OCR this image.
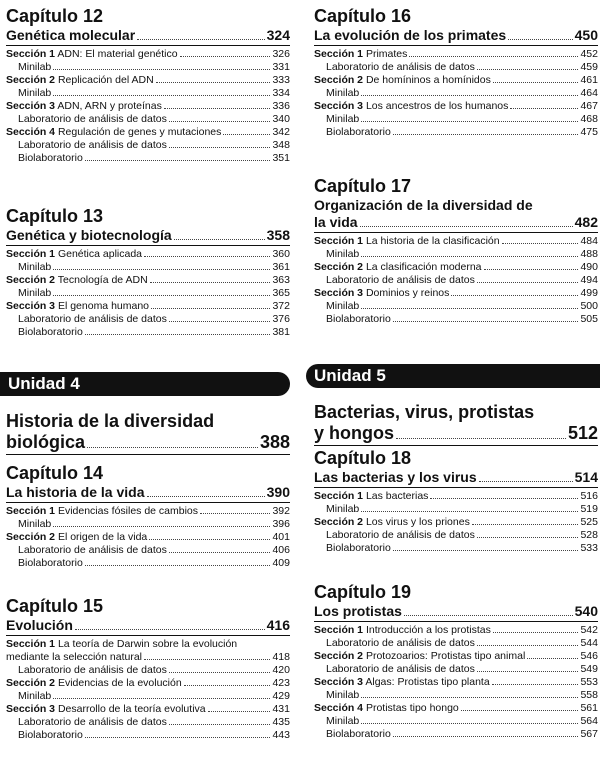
Capítulo 12
Genética molecular	324
Sección 1 ADN: El material genético	326
Minilab	331
Sección 2 Replicación del ADN	333
Minilab	334
Sección 3 ADN, ARN y proteínas	336
Laboratorio de análisis de datos	340
Sección 4 Regulación de genes y mutaciones	342
Laboratorio de análisis de datos	348
Biolaboratorio	351
Capítulo 13
Genética y biotecnología	358
Sección 1 Genética aplicada	360
Minilab	361
Sección 2 Tecnología de ADN	363
Minilab	365
Sección 3 El genoma humano	372
Laboratorio de análisis de datos	376
Biolaboratorio	381
Unidad 4
Historia de la diversidad
biológica	388
Capítulo 14
La historia de la vida	390
Sección 1 Evidencias fósiles de cambios	392
Minilab	396
Sección 2 El origen de la vida	401
Laboratorio de análisis de datos	406
Biolaboratorio	409
Capítulo 15
Evolución	416
Sección 1 La teoría de Darwin sobre la evolución
mediante la selección natural	418
Laboratorio de análisis de datos	420
Sección 2 Evidencias de la evolución	423
Minilab	429
Sección 3 Desarrollo de la teoría evolutiva	431
Laboratorio de análisis de datos	435
Biolaboratorio	443
Capítulo 16
La evolución de los primates	450
Sección 1 Primates	452
Laboratorio de análisis de datos	459
Sección 2 De homíninos a homínidos	461
Minilab	464
Sección 3 Los ancestros de los humanos	467
Minilab	468
Biolaboratorio	475
Capítulo 17
Organización de la diversidad de
la vida	482
Sección 1 La historia de la clasificación	484
Minilab	488
Sección 2 La clasificación moderna	490
Laboratorio de análisis de datos	494
Sección 3 Dominios y reinos	499
Minilab	500
Biolaboratorio	505
Unidad 5
Bacterias, virus, protistas
y hongos	512
Capítulo 18
Las bacterias y los virus	514
Sección 1 Las bacterias	516
Minilab	519
Sección 2 Los virus y los priones	525
Laboratorio de análisis de datos	528
Biolaboratorio	533
Capítulo 19
Los protistas	540
Sección 1 Introducción a los protistas	542
Laboratorio de análisis de datos	544
Sección 2 Protozoarios: Protistas tipo animal	546
Laboratorio de análisis de datos	549
Sección 3 Algas: Protistas tipo planta	553
Minilab	558
Sección 4 Protistas tipo hongo	561
Minilab	564
Biolaboratorio	567
